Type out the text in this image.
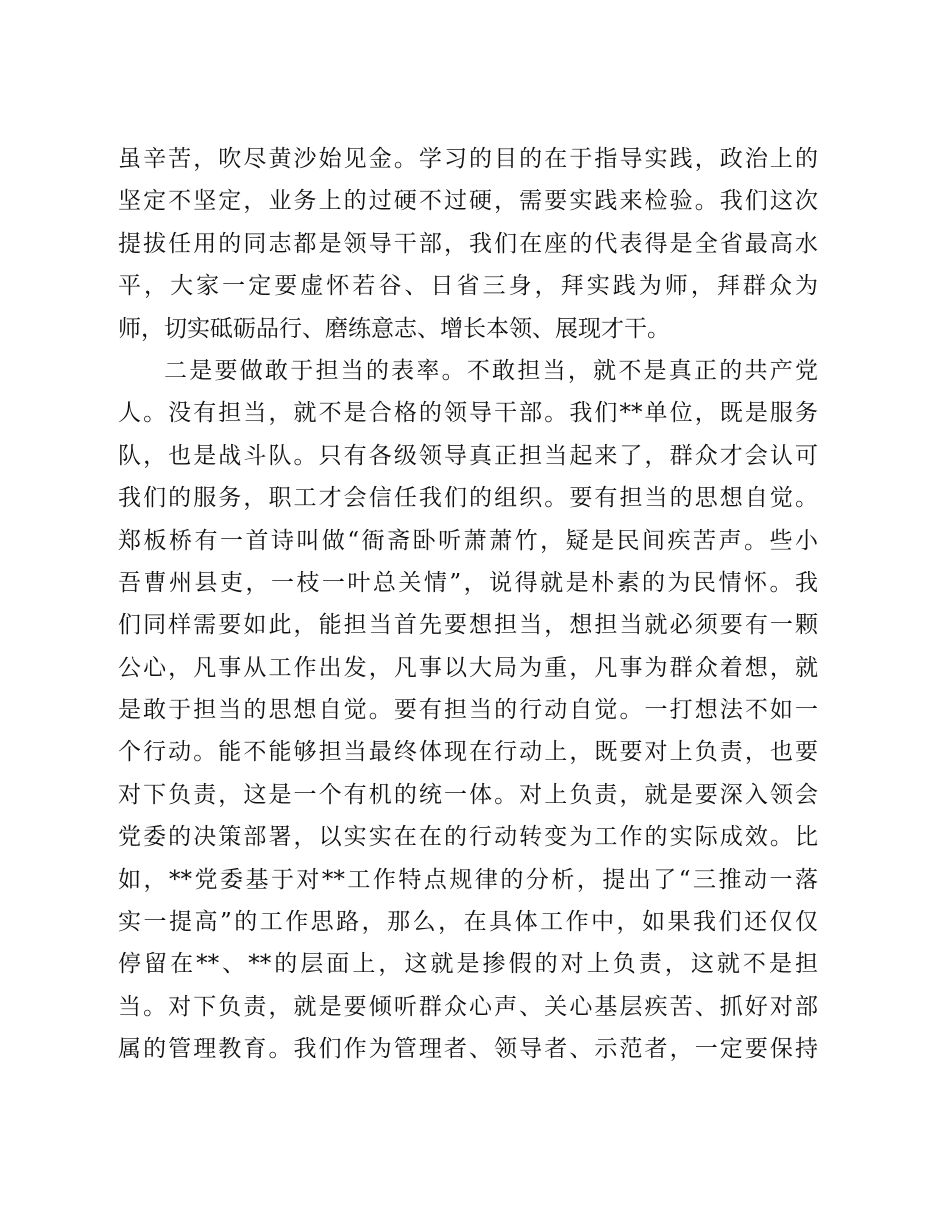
虽辛苦，吹尽黄沙始见金。学习的目的在于指导实践，政治上的
坚定不坚定，业务上的过硬不过硬，需要实践来检验。我们这次
提拔任用的同志都是领导干部，我们在座的代表得是全省最高水
平，大家一定要虚怀若谷、日省三身，拜实践为师，拜群众为
师，切实砥砺品行、磨练意志、增长本领、展现才干。
二是要做敢于担当的表率。不敢担当，就不是真正的共产党
人。没有担当，就不是合格的领导干部。我们**单位，既是服务
队，也是战斗队。只有各级领导真正担当起来了，群众才会认可
我们的服务，职工才会信任我们的组织。要有担当的思想自觉。
郑板桥有一首诗叫做“衙斋卧听萧萧竹，疑是民间疾苦声。些小
吾曹州县吏，一枝一叶总关情”，说得就是朴素的为民情怀。我
们同样需要如此，能担当首先要想担当，想担当就必须要有一颗
公心，凡事从工作出发，凡事以大局为重，凡事为群众着想，就
是敢于担当的思想自觉。要有担当的行动自觉。一打想法不如一
个行动。能不能够担当最终体现在行动上，既要对上负责，也要
对下负责，这是一个有机的统一体。对上负责，就是要深入领会
党委的决策部署，以实实在在的行动转变为工作的实际成效。比
如，**党委基于对**工作特点规律的分析，提出了“三推动一落
实一提高”的工作思路，那么，在具体工作中，如果我们还仅仅
停留在**、**的层面上，这就是掺假的对上负责，这就不是担
当。对下负责，就是要倾听群众心声、关心基层疾苦、抓好对部
属的管理教育。我们作为管理者、领导者、示范者，一定要保持
